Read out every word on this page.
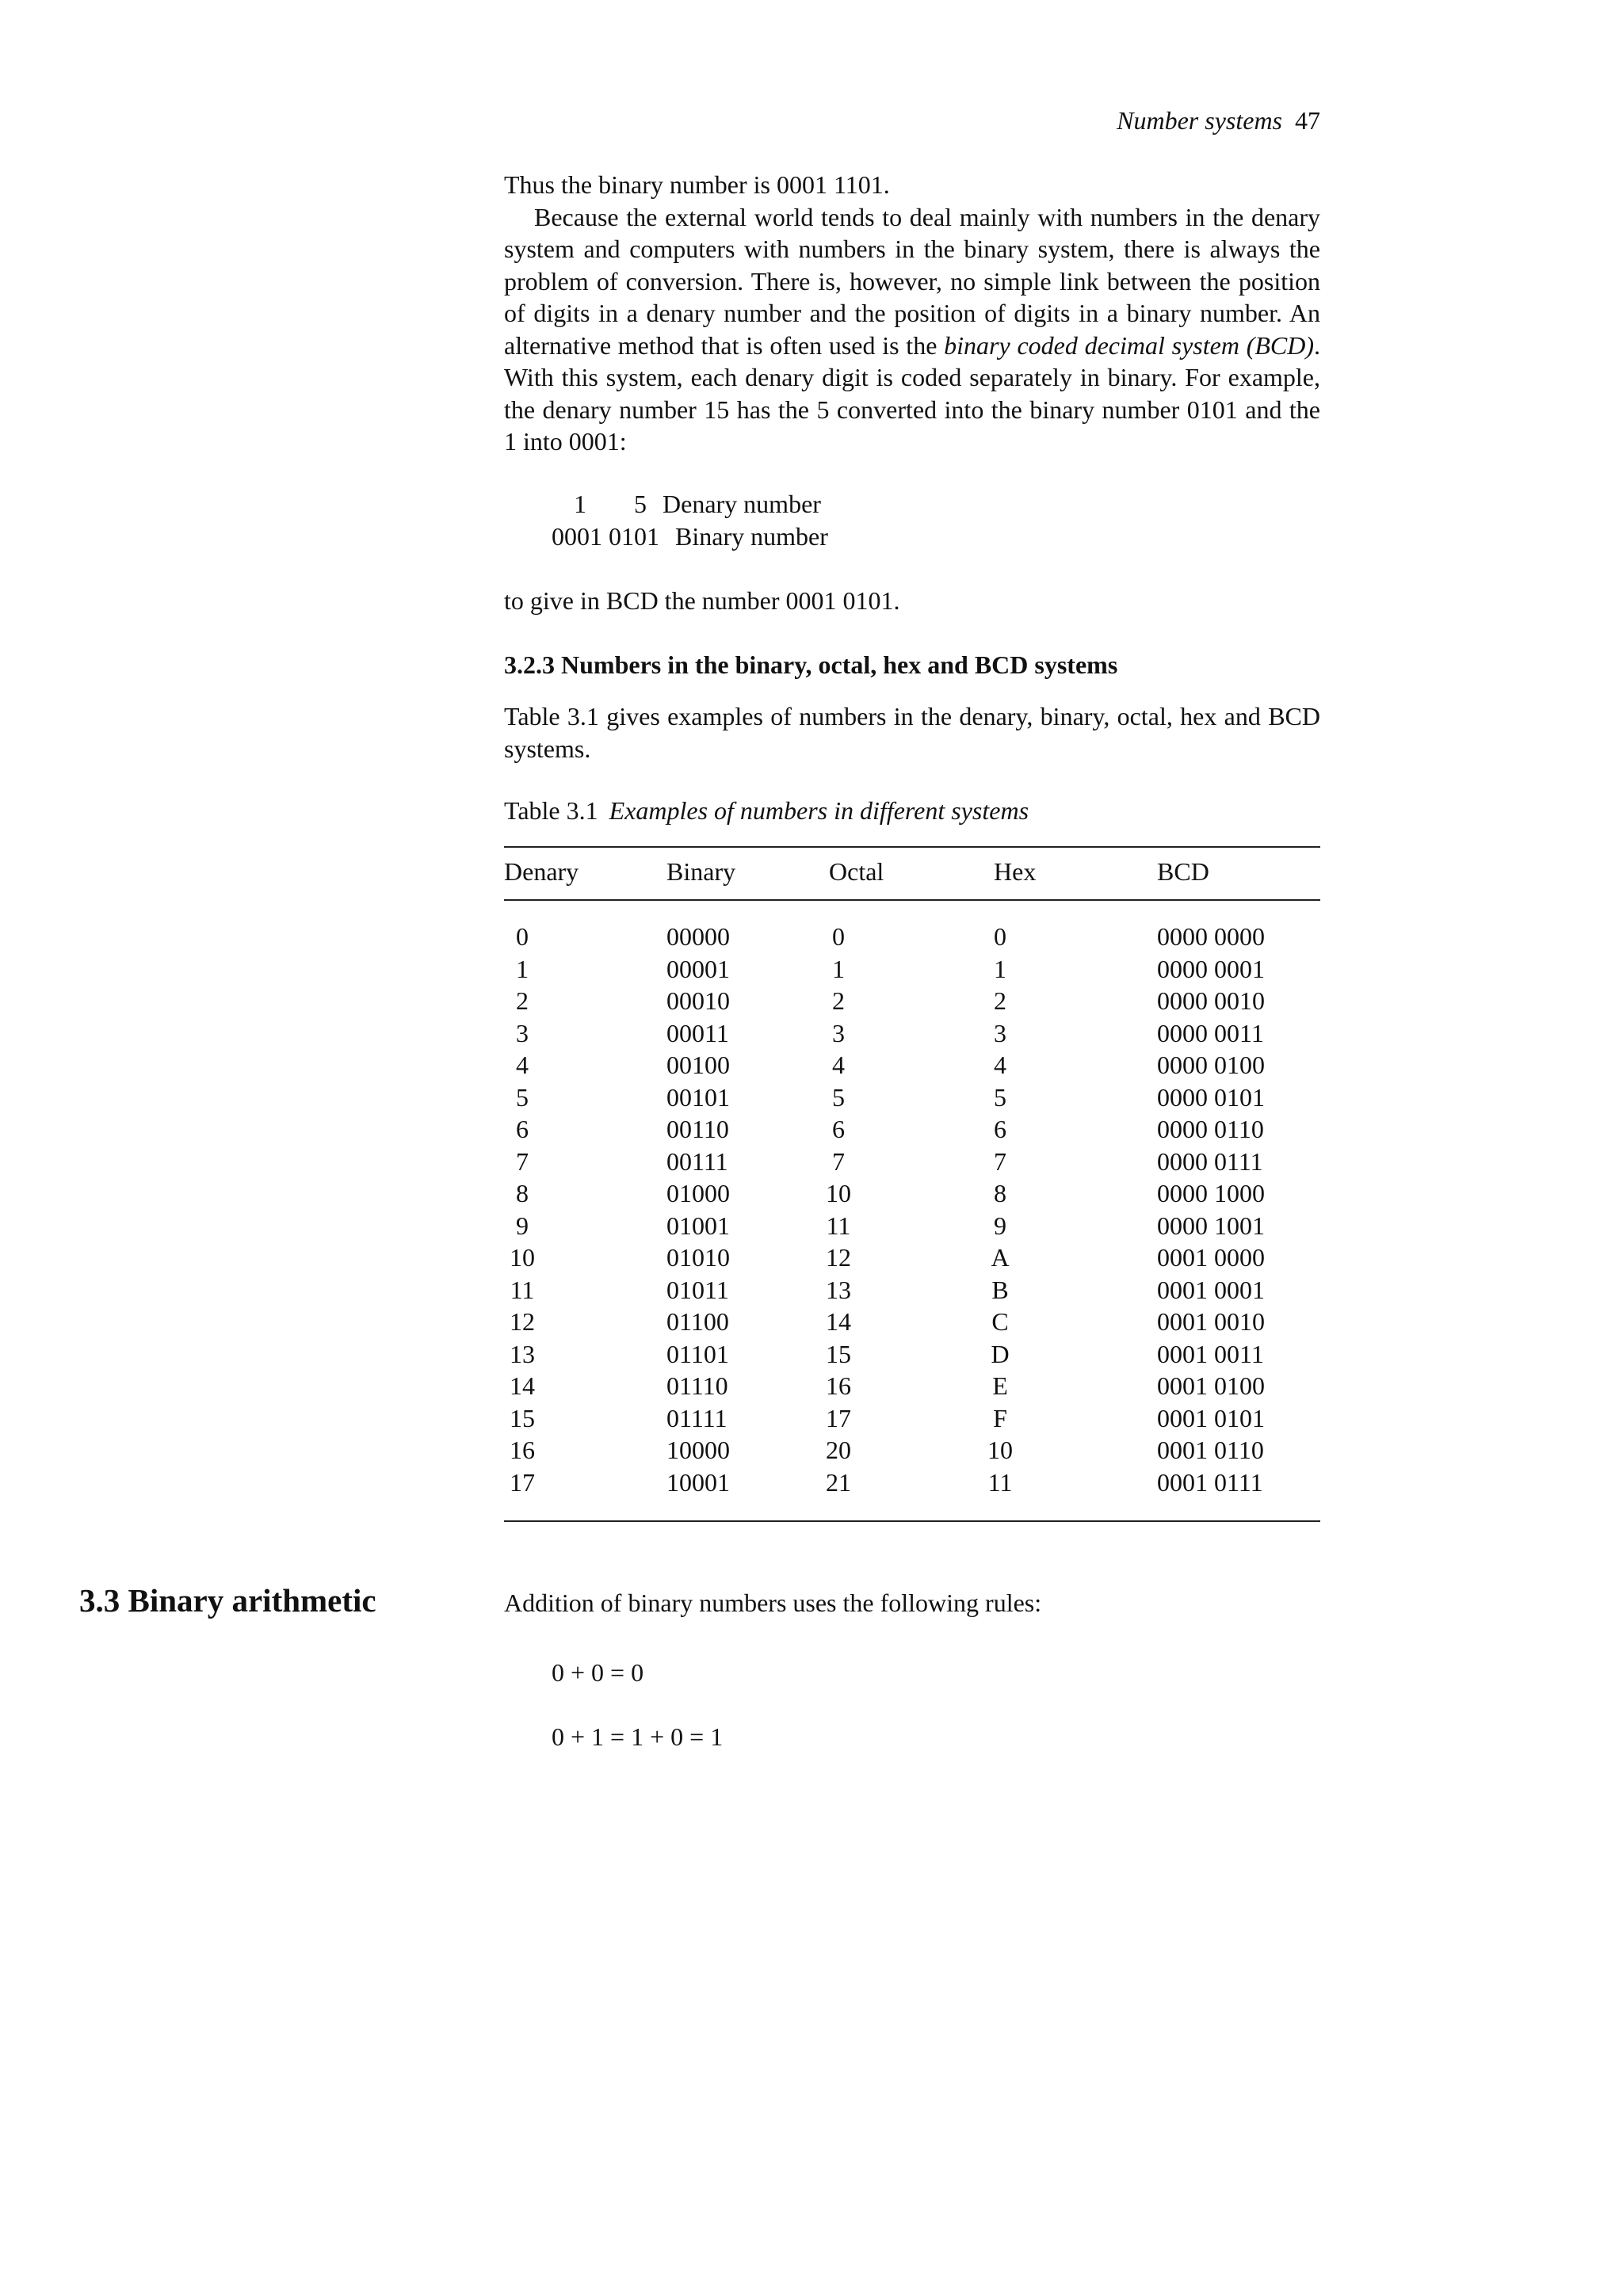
Number systems 47

Thus the binary number is 0001 1101.

Because the external world tends to deal mainly with numbers in the denary system and computers with numbers in the binary system, there is always the problem of conversion. There is, however, no simple link between the position of digits in a denary number and the position of digits in a binary number. An alternative method that is often used is the binary coded decimal system (BCD). With this system, each denary digit is coded separately in binary. For example, the denary number 15 has the 5 converted into the binary number 0101 and the 1 into 0001:

1 5 Denary number
0001 0101 Binary number
to give in BCD the number 0001 0101.
3.2.3 Numbers in the binary, octal, hex and BCD systems
Table 3.1 gives examples of numbers in the denary, binary, octal, hex and BCD systems.
Table 3.1 Examples of numbers in different systems
Denary	Binary	Octal	Hex	BCD
0	00000	0	0	0000 0000
1	00001	1	1	0000 0001
2	00010	2	2	0000 0010
3	00011	3	3	0000 0011
4	00100	4	4	0000 0100
5	00101	5	5	0000 0101
6	00110	6	6	0000 0110
7	00111	7	7	0000 0111
8	01000	10	8	0000 1000
9	01001	11	9	0000 1001
10	01010	12	A	0001 0000
11	01011	13	B	0001 0001
12	01100	14	C	0001 0010
13	01101	15	D	0001 0011
14	01110	16	E	0001 0100
15	01111	17	F	0001 0101
16	10000	20	10	0001 0110
17	10001	21	11	0001 0111
3.3 Binary arithmetic	Addition of binary numbers uses the following rules:
0 + 0 = 0
0 + 1 = 1 + 0 = 1
